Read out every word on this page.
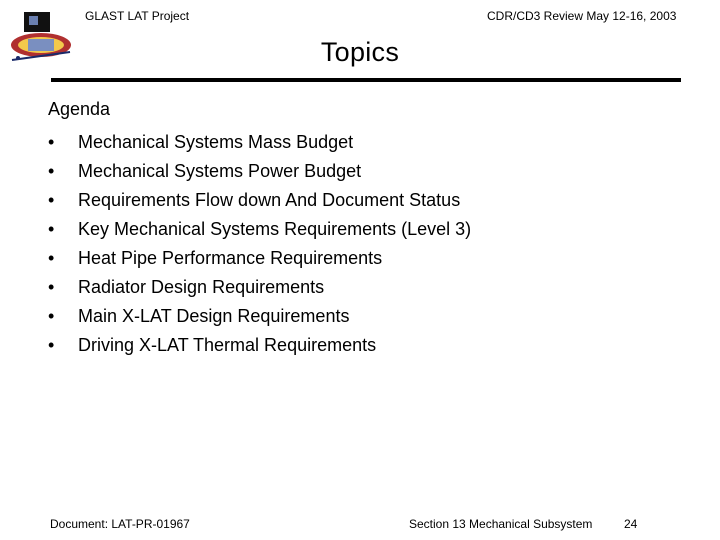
GLAST LAT Project	CDR/CD3 Review May 12-16, 2003
Topics
Agenda
•	Mechanical Systems Mass Budget
•	Mechanical Systems Power Budget
•	Requirements Flow down And Document Status
•	Key Mechanical Systems Requirements (Level 3)
•	Heat Pipe Performance Requirements
•	Radiator Design Requirements
•	Main X-LAT Design Requirements
•	Driving X-LAT Thermal Requirements
Document: LAT-PR-01967	Section 13 Mechanical Subsystem	24
